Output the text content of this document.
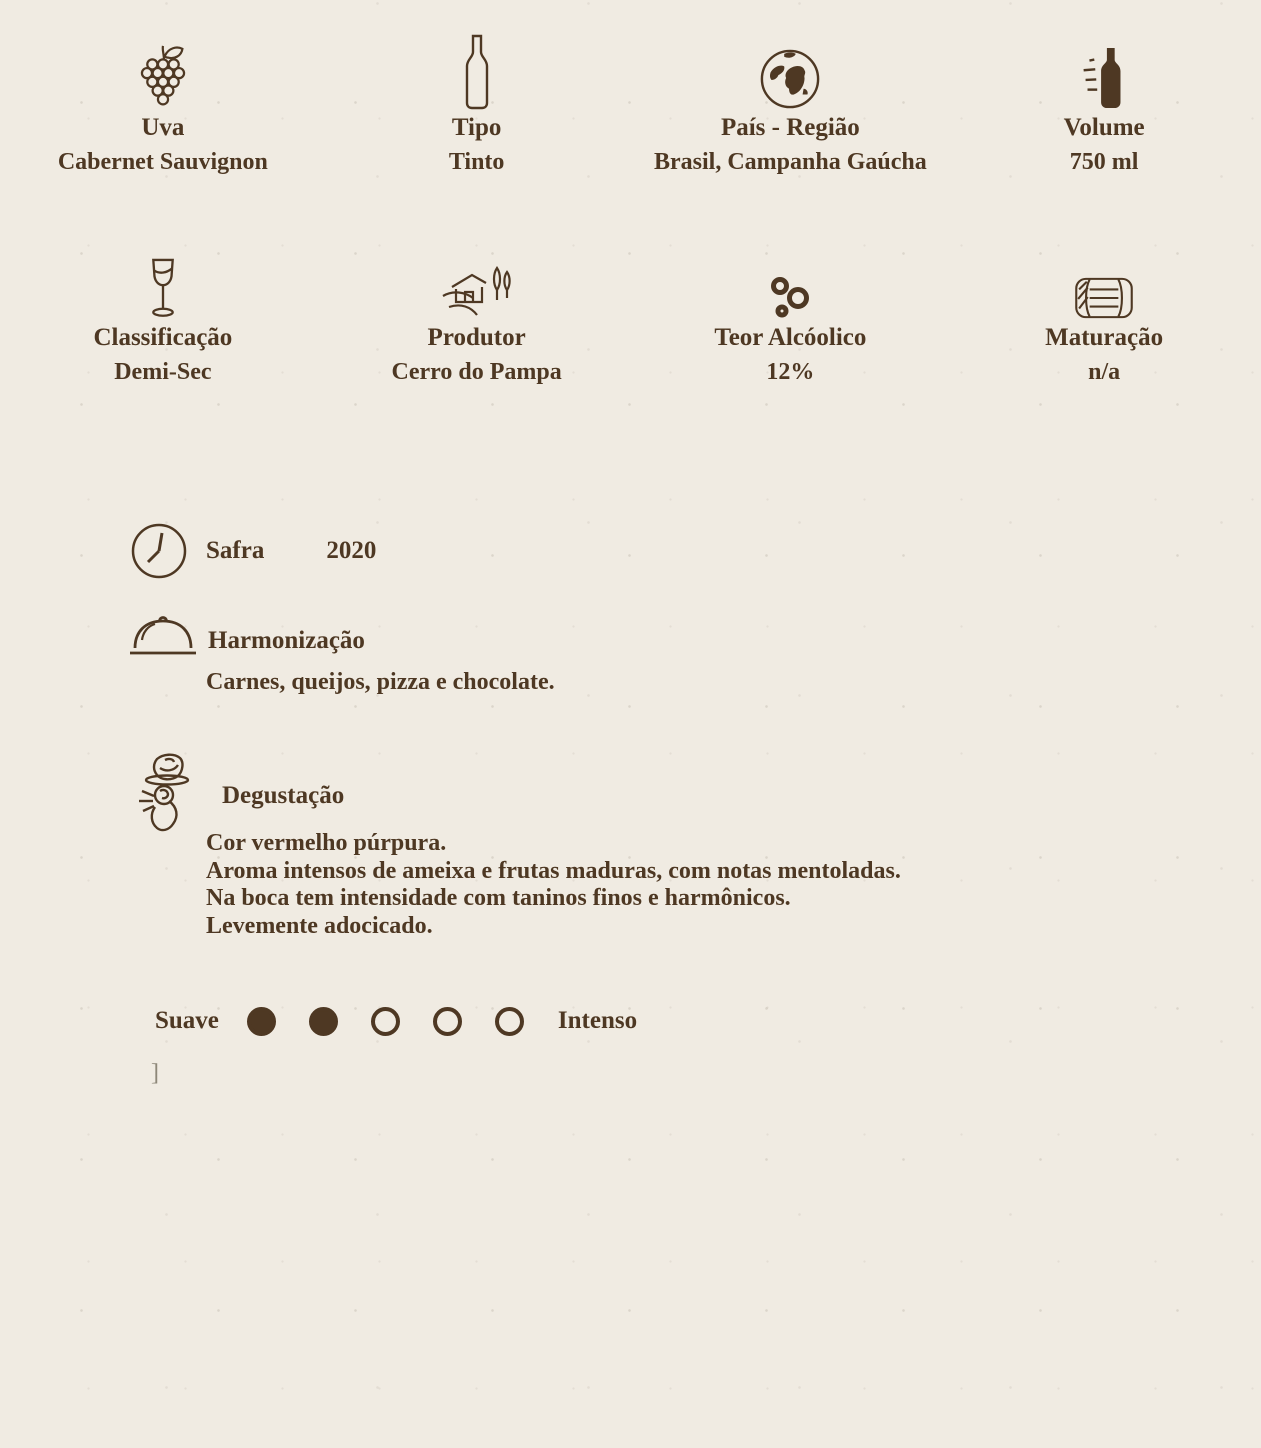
Uva
Cabernet Sauvignon
Tipo
Tinto
País - Região
Brasil, Campanha Gaúcha
Volume
750 ml
Classificação
Demi-Sec
Produtor
Cerro do Pampa
Teor Alcóolico
12%
Maturação
n/a
Safra 2020
Harmonização
Carnes, queijos, pizza e chocolate.
Degustação
Cor vermelho púrpura.
Aroma intensos de ameixa e frutas maduras, com notas mentoladas.
Na boca tem intensidade com taninos finos e harmônicos.
Levemente adocicado.
Suave	Intenso
]
